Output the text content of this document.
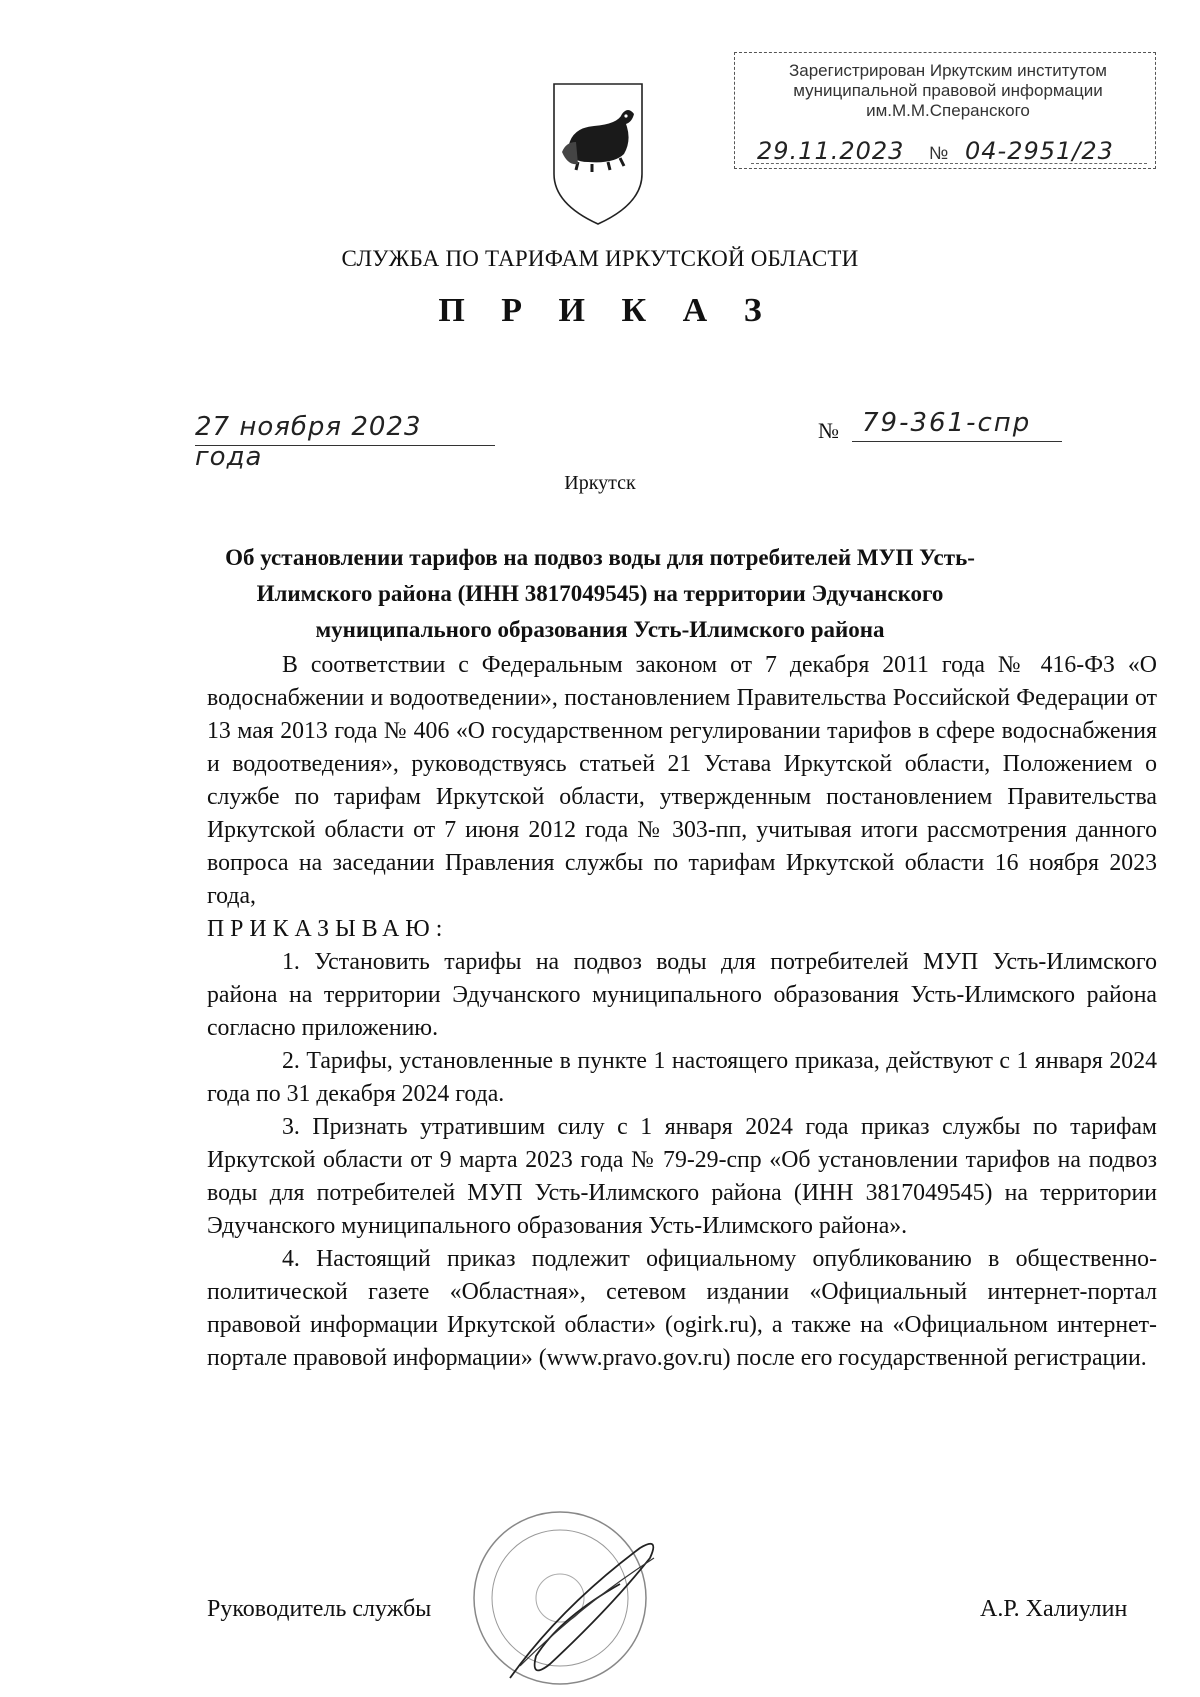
Зарегистрирован Иркутским институтом
муниципальной правовой информации
им.М.М.Сперанского
29.11.2023 № 04-2951/23
СЛУЖБА ПО ТАРИФАМ ИРКУТСКОЙ ОБЛАСТИ
П Р И К А З
27 ноября 2023 года
№ 79-361-спр
Иркутск
Об установлении тарифов на подвоз воды для потребителей МУП Усть-Илимского района (ИНН 3817049545) на территории Эдучанского муниципального образования Усть-Илимского района

В соответствии с Федеральным законом от 7 декабря 2011 года № 416-ФЗ «О водоснабжении и водоотведении», постановлением Правительства Российской Федерации от 13 мая 2013 года № 406 «О государственном регулировании тарифов в сфере водоснабжения и водоотведения», руководствуясь статьей 21 Устава Иркутской области, Положением о службе по тарифам Иркутской области, утвержденным постановлением Правительства Иркутской области от 7 июня 2012 года № 303-пп, учитывая итоги рассмотрения данного вопроса на заседании Правления службы по тарифам Иркутской области 16 ноября 2023 года,

ПРИКАЗЫВАЮ:

1. Установить тарифы на подвоз воды для потребителей МУП Усть-Илимского района на территории Эдучанского муниципального образования Усть-Илимского района согласно приложению.

2. Тарифы, установленные в пункте 1 настоящего приказа, действуют с 1 января 2024 года по 31 декабря 2024 года.

3. Признать утратившим силу с 1 января 2024 года приказ службы по тарифам Иркутской области от 9 марта 2023 года № 79-29-спр «Об установлении тарифов на подвоз воды для потребителей МУП Усть-Илимского района (ИНН 3817049545) на территории Эдучанского муниципального образования Усть-Илимского района».

4. Настоящий приказ подлежит официальному опубликованию в общественно-политической газете «Областная», сетевом издании «Официальный интернет-портал правовой информации Иркутской области» (ogirk.ru), а также на «Официальном интернет-портале правовой информации» (www.pravo.gov.ru) после его государственной регистрации.

Руководитель службы	А.Р. Халиулин
